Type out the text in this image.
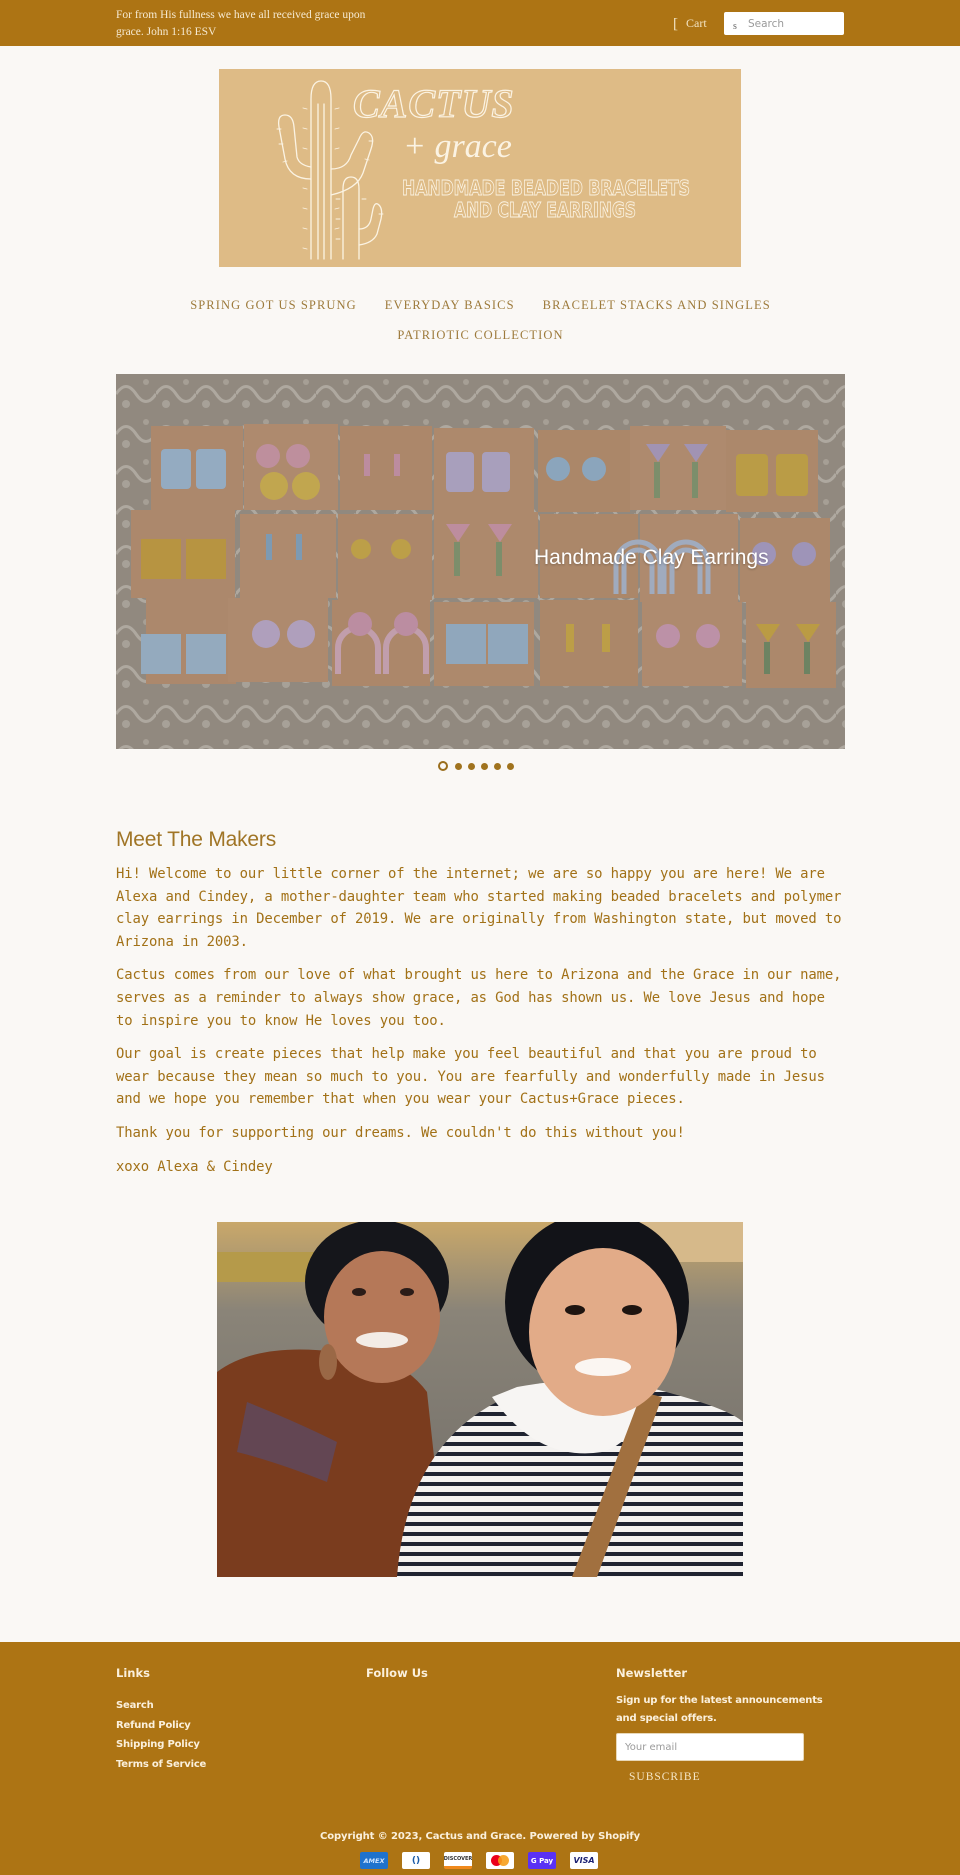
For from His fullness we have all received grace upon grace. John 1:16 ESV
[ Cart	s
Search
CACTUS
+ grace
HANDMADE BEADED BRACELETS
AND CLAY EARRINGS
SPRING GOT US SPRUNG EVERYDAY BASICS BRACELET STACKS AND SINGLES
PATRIOTIC COLLECTION
Handmade Clay Earrings
Meet The Makers

Hi! Welcome to our little corner of the internet; we are so happy you are here! We are Alexa and Cindey, a mother-daughter team who started making beaded bracelets and polymer clay earrings in December of 2019. We are originally from Washington state, but moved to Arizona in 2003.

Cactus comes from our love of what brought us here to Arizona and the Grace in our name, serves as a reminder to always show grace, as God has shown us. We love Jesus and hope to inspire you to know He loves you too.

Our goal is create pieces that help make you feel beautiful and that you are proud to wear because they mean so much to you. You are fearfully and wonderfully made in Jesus and we hope you remember that when you wear your Cactus+Grace pieces.

Thank you for supporting our dreams. We couldn't do this without you!

xoxo Alexa & Cindey

Links
Search
Refund Policy
Shipping Policy
Terms of Service
Follow Us	Newsletter

Sign up for the latest announcements and special offers.

Your email
SUBSCRIBE
Copyright © 2023, Cactus and Grace. Powered by Shopify
AMEX	()	DISCOVER	G Pay	VISA
